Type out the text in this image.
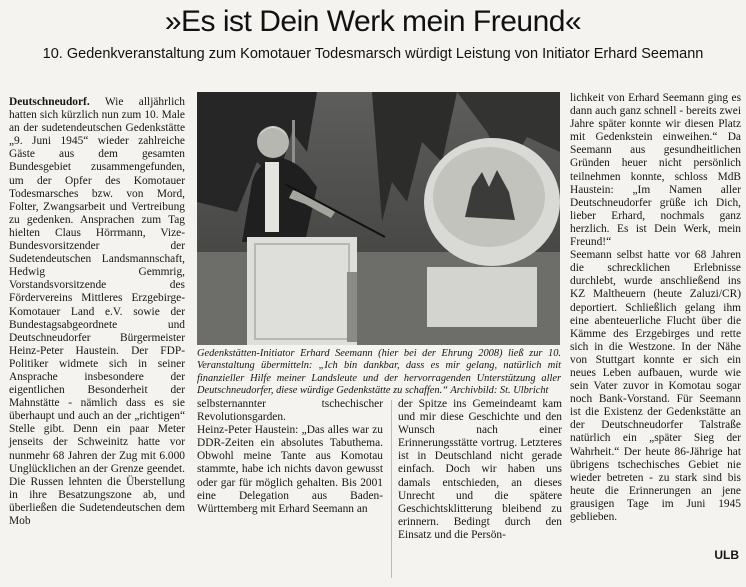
»Es ist Dein Werk mein Freund«
10. Gedenkveranstaltung zum Komotauer Todesmarsch würdigt Leistung von Initiator Erhard Seemann

Deutschneudorf. Wie alljährlich hatten sich kürzlich nun zum 10. Male an der sudetendeutschen Gedenkstätte „9. Juni 1945“ wieder zahlreiche Gäste aus dem gesamten Bundesgebiet zusammengefunden, um der Opfer des Komotauer Todesmarsches bzw. von Mord, Folter, Zwangsarbeit und Vertreibung zu gedenken. Ansprachen zum Tag hielten Claus Hörrmann, Vize-Bundesvorsitzender der Sudetendeutschen Landsmannschaft, Hedwig Gemmrig, Vorstandsvorsitzende des Fördervereins Mittleres Erzgebirge-Komotauer Land e.V. sowie der Bundestagsabgeordnete und Deutschneudorfer Bürgermeister Heinz-Peter Haustein. Der FDP-Politiker widmete sich in seiner Ansprache insbesondere der eigentlichen Besonderheit der Mahnstätte - nämlich dass es sie überhaupt und auch an der „richtigen“ Stelle gibt. Denn ein paar Meter jenseits der Schweinitz hatte vor nunmehr 68 Jahren der Zug mit 6.000 Unglücklichen an der Grenze geendet. Die Russen lehnten die Überstellung in ihre Besatzungszone ab, und überließen die Sudetendeutschen dem Mob

Gedenkstätten-Initiator Erhard Seemann (hier bei der Ehrung 2008) ließ zur 10. Veranstaltung übermitteln: „Ich bin dankbar, dass es mir gelang, natürlich mit finanzieller Hilfe meiner Landsleute und der hervorragenden Unterstützung aller Deutschneudorfer, diese würdige Gedenkstätte zu schaffen.“ Archivbild: St. Ulbricht

selbsternannter tschechischer Revolutionsgarden.

Heinz-Peter Haustein: „Das alles war zu DDR-Zeiten ein absolutes Tabuthema. Obwohl meine Tante aus Komotau stammte, habe ich nichts davon gewusst oder gar für möglich gehalten. Bis 2001 eine Delegation aus Baden-Württemberg mit Erhard Seemann an

der Spitze ins Gemeindeamt kam und mir diese Geschichte und den Wunsch nach einer Erinnerungsstätte vortrug. Letzteres ist in Deutschland nicht gerade einfach. Doch wir haben uns damals entschieden, an dieses Unrecht und die spätere Geschichtsklitterung bleibend zu erinnern. Bedingt durch den Einsatz und die Persön-

lichkeit von Erhard Seemann ging es dann auch ganz schnell - bereits zwei Jahre später konnte wir diesen Platz mit Gedenkstein einweihen.“ Da Seemann aus gesundheitlichen Gründen heuer nicht persönlich teilnehmen konnte, schloss MdB Haustein: „Im Namen aller Deutschneudorfer grüße ich Dich, lieber Erhard, nochmals ganz herzlich. Es ist Dein Werk, mein Freund!“

Seemann selbst hatte vor 68 Jahren die schrecklichen Erlebnisse durchlebt, wurde anschließend ins KZ Maltheuern (heute Zaluzi/CR) deportiert. Schließlich gelang ihm eine abenteuerliche Flucht über die Kämme des Erzgebirges und rette sich in die Westzone. In der Nähe von Stuttgart konnte er sich ein neues Leben aufbauen, wurde wie sein Vater zuvor in Komotau sogar noch Bank-Vorstand. Für Seemann ist die Existenz der Gedenkstätte an der Deutschneudorfer Talstraße natürlich ein „später Sieg der Wahrheit.“ Der heute 86-Jährige hat übrigens tschechisches Gebiet nie wieder betreten - zu stark sind bis heute die Erinnerungen an jene grausigen Tage im Juni 1945 geblieben.

ULB
